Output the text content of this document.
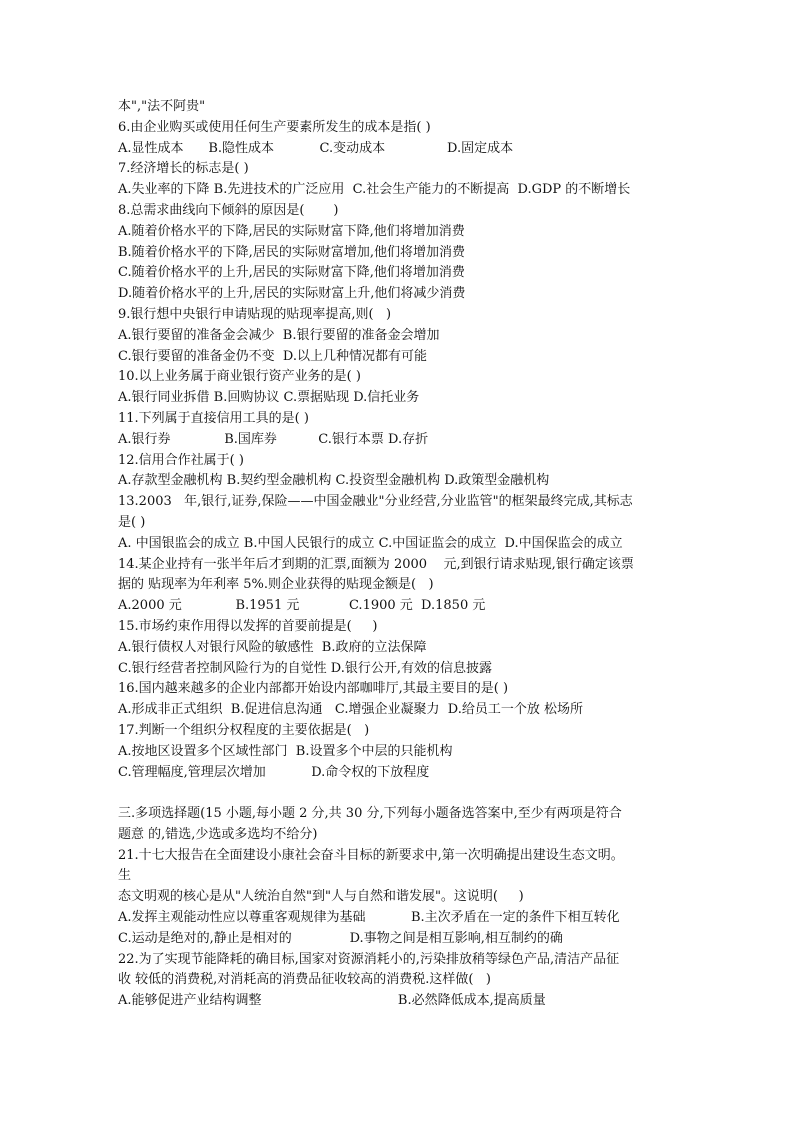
本","法不阿贵"
6.由企业购买或使用任何生产要素所发生的成本是指( )
A.显性成本      B.隐性成本           C.变动成本               D.固定成本
7.经济增长的标志是( )
A.失业率的下降 B.先进技术的广泛应用  C.社会生产能力的不断提高  D.GDP 的不断增长
8.总需求曲线向下倾斜的原因是(       )
A.随着价格水平的下降,居民的实际财富下降,他们将增加消费
B.随着价格水平的下降,居民的实际财富增加,他们将增加消费
C.随着价格水平的上升,居民的实际财富下降,他们将增加消费
D.随着价格水平的上升,居民的实际财富上升,他们将减少消费
9.银行想中央银行申请贴现的贴现率提高,则(   )
A.银行要留的准备金会减少  B.银行要留的准备金会增加
C.银行要留的准备金仍不变  D.以上几种情况都有可能
10.以上业务属于商业银行资产业务的是( )
A.银行同业拆借 B.回购协议 C.票据贴现 D.信托业务
11.下列属于直接信用工具的是( )
A.银行券             B.国库券          C.银行本票 D.存折
12.信用合作社属于( )
A.存款型金融机构 B.契约型金融机构 C.投资型金融机构 D.政策型金融机构
13.2003   年,银行,证券,保险——中国金融业"分业经营,分业监管"的框架最终完成,其标志
是( )
A. 中国银监会的成立 B.中国人民银行的成立 C.中国证监会的成立  D.中国保监会的成立
14.某企业持有一张半年后才到期的汇票,面额为 2000    元,到银行请求贴现,银行确定该票
据的 贴现率为年利率 5%.则企业获得的贴现金额是(   )
A.2000 元             B.1951 元            C.1900 元  D.1850 元
15.市场约束作用得以发挥的首要前提是(     )
A.银行债权人对银行风险的敏感性  B.政府的立法保障
C.银行经营者控制风险行为的自觉性 D.银行公开,有效的信息披露
16.国内越来越多的企业内部都开始设内部咖啡厅,其最主要目的是( )
A.形成非正式组织  B.促进信息沟通   C.增强企业凝聚力  D.给员工一个放 松场所
17.判断一个组织分权程度的主要依据是(   )
A.按地区设置多个区域性部门  B.设置多个中层的只能机构
C.管理幅度,管理层次增加           D.命令权的下放程度
三.多项选择题(15 小题,每小题 2 分,共 30 分,下列每小题备选答案中,至少有两项是符合
题意 的,错选,少选或多选均不给分)
21.十七大报告在全面建设小康社会奋斗目标的新要求中,第一次明确提出建设生态文明。
生
态文明观的核心是从"人统治自然"到"人与自然和谐发展"。这说明(     )
A.发挥主观能动性应以尊重客观规律为基础           B.主次矛盾在一定的条件下相互转化
C.运动是绝对的,静止是相对的              D.事物之间是相互影响,相互制约的确
22.为了实现节能降耗的确目标,国家对资源消耗小的,污染排放稍等绿色产品,清洁产品征
收 较低的消费税,对消耗高的消费品征收较高的消费税.这样做(   )
A.能够促进产业结构调整                                 B.必然降低成本,提高质量
